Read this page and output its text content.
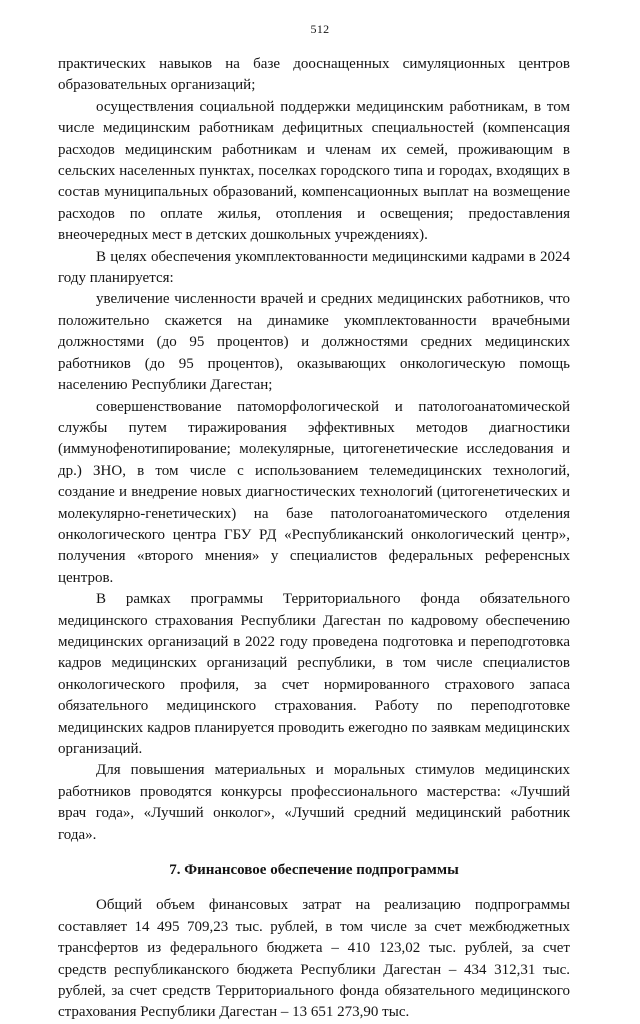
512

практических навыков на базе дооснащенных симуляционных центров образовательных организаций;

осуществления социальной поддержки медицинским работникам, в том числе медицинским работникам дефицитных специальностей (компенсация расходов медицинским работникам и членам их семей, проживающим в сельских населенных пунктах, поселках городского типа и городах, входящих в состав муниципальных образований, компенсационных выплат на возмещение расходов по оплате жилья, отопления и освещения; предоставления внеочередных мест в детских дошкольных учреждениях).

В целях обеспечения укомплектованности медицинскими кадрами в 2024 году планируется:

увеличение численности врачей и средних медицинских работников, что положительно скажется на динамике укомплектованности врачебными должностями (до 95 процентов) и должностями средних медицинских работников (до 95 процентов), оказывающих онкологическую помощь населению Республики Дагестан;

совершенствование патоморфологической и патологоанатомической службы путем тиражирования эффективных методов диагностики (иммунофенотипирование; молекулярные, цитогенетические исследования и др.) ЗНО, в том числе с использованием телемедицинских технологий, создание и внедрение новых диагностических технологий (цитогенетических и молекулярно-генетических) на базе патологоанатомического отделения онкологического центра ГБУ РД «Республиканский онкологический центр», получения «второго мнения» у специалистов федеральных референсных центров.

В рамках программы Территориального фонда обязательного медицинского страхования Республики Дагестан по кадровому обеспечению медицинских организаций в 2022 году проведена подготовка и переподготовка кадров медицинских организаций республики, в том числе специалистов онкологического профиля, за счет нормированного страхового запаса обязательного медицинского страхования. Работу по переподготовке медицинских кадров планируется проводить ежегодно по заявкам медицинских организаций.

Для повышения материальных и моральных стимулов медицинских работников проводятся конкурсы профессионального мастерства: «Лучший врач года», «Лучший онколог», «Лучший средний медицинский работник года».

7. Финансовое обеспечение подпрограммы

Общий объем финансовых затрат на реализацию подпрограммы составляет 14 495 709,23 тыс. рублей, в том числе за счет межбюджетных трансфертов из федерального бюджета – 410 123,02 тыс. рублей, за счет средств республиканского бюджета Республики Дагестан – 434 312,31 тыс. рублей, за счет средств Территориального фонда обязательного медицинского страхования Республики Дагестан – 13 651 273,90 тыс.
